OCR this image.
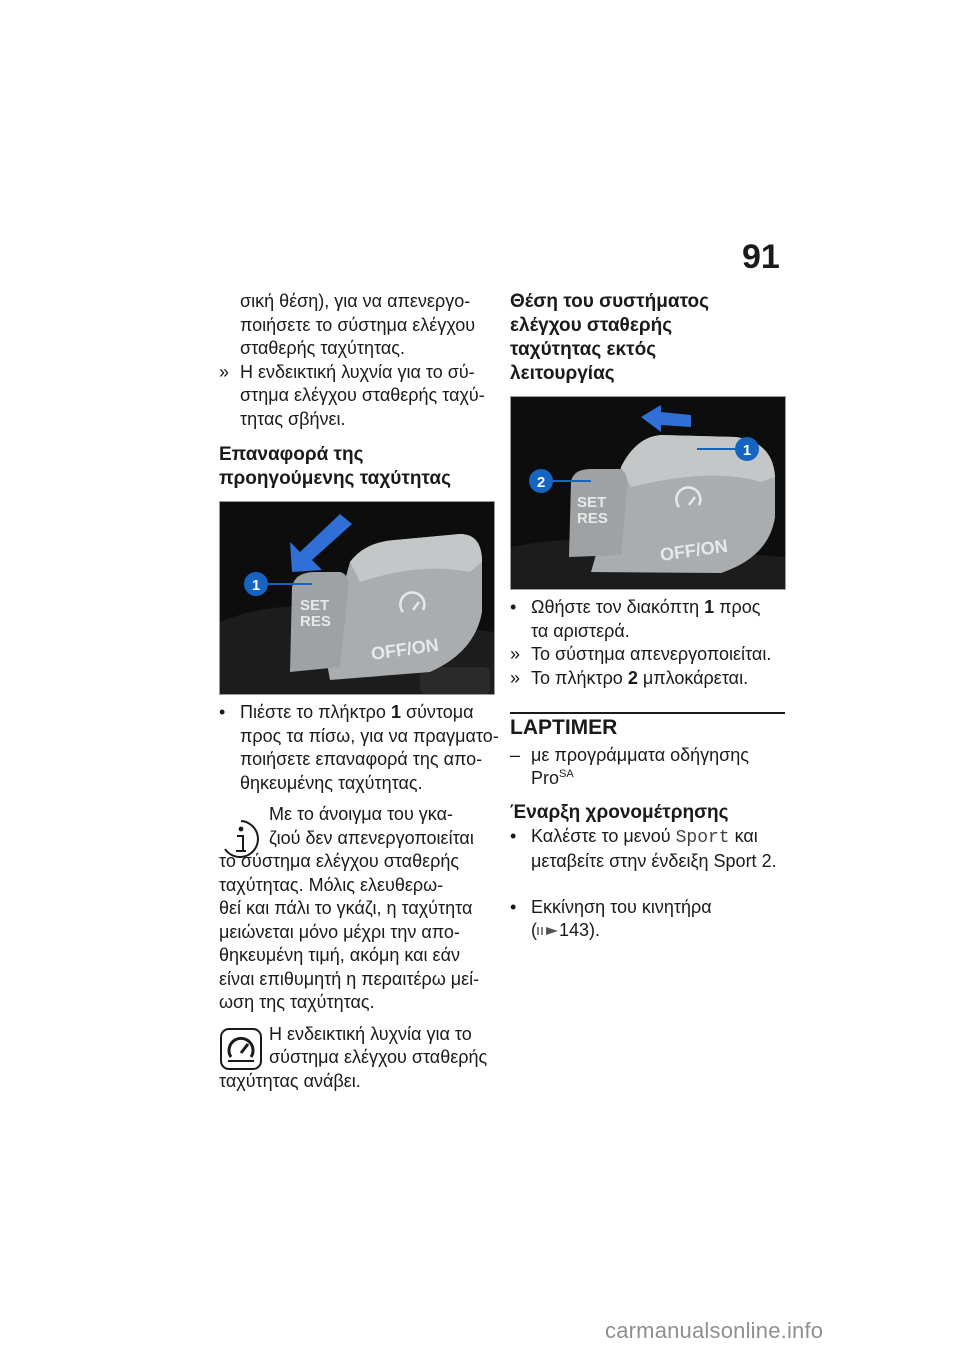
91

σική θέση), για να απενεργο-

ποιήσετε το σύστημα ελέγχου

σταθερής ταχύτητας.

» Η ενδεικτική λυχνία για το σύ-

στημα ελέγχου σταθερής ταχύ-

τητας σβήνει.

Επαναφορά της

προηγούμενης ταχύτητας

SET
RES
OFF/ON
1
• Πιέστε το πλήκτρο 1 σύντομα

προς τα πίσω, για να πραγματο-

ποιήσετε επαναφορά της απο-

θηκευμένης ταχύτητας.

Με το άνοιγμα του γκα-

ζιού δεν απενεργοποιείται

το σύστημα ελέγχου σταθερής

ταχύτητας. Μόλις ελευθερω-

θεί και πάλι το γκάζι, η ταχύτητα

μειώνεται μόνο μέχρι την απο-

θηκευμένη τιμή, ακόμη και εάν

είναι επιθυμητή η περαιτέρω μεί-

ωση της ταχύτητας.

Η ενδεικτική λυχνία για το

σύστημα ελέγχου σταθερής

ταχύτητας ανάβει.

Θέση του συστήματος

ελέγχου σταθερής

ταχύτητας εκτός

λειτουργίας

SET
RES
OFF/ON
1
2
• Ωθήστε τον διακόπτη 1 προς

τα αριστερά.

» Το σύστημα απενεργοποιείται.

» Το πλήκτρο 2 μπλοκάρεται.

LAPTIMER

– με προγράμματα οδήγησης

Pro$^{SA}$

Έναρξη χρονομέτρησης

• Καλέστε το μενού Sport και

μεταβείτε στην ένδειξη Sport 2.

• Εκκίνηση του κινητήρα

( 143).

carmanualsonline.info
